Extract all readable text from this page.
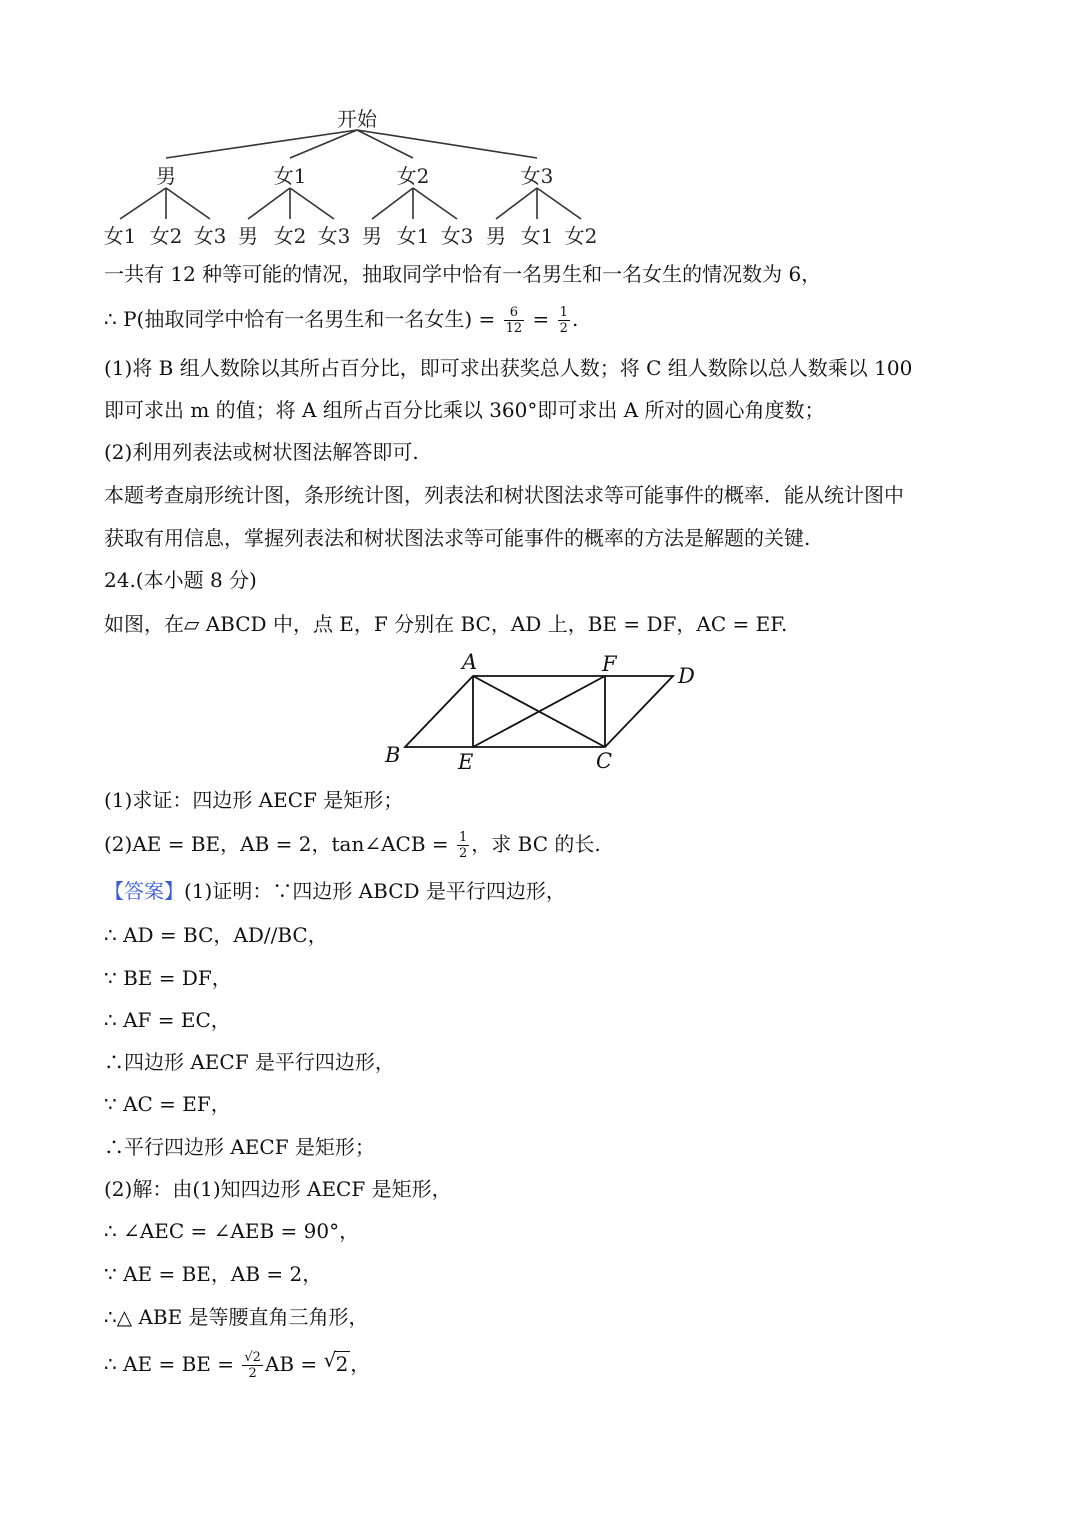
开始
男	女1	女2	女3
女1 女2 女3 男 女2 女3 男 女1 女3 男 女1 女2
一共有 12 种等可能的情况，抽取同学中恰有一名男生和一名女生的情况数为 6，
∴ P(抽取同学中恰有一名男生和一名女生) = $\frac{6}{12} = \frac{1}{2}$ .
(1)将 B 组人数除以其所占百分比，即可求出获奖总人数；将 C 组人数除以总人数乘以 100
即可求出 m 的值；将 A 组所占百分比乘以 360°即可求出 A 所对的圆心角度数；
(2)利用列表法或树状图法解答即可.
本题考查扇形统计图，条形统计图，列表法和树状图法求等可能事件的概率．能从统计图中
获取有用信息，掌握列表法和树状图法求等可能事件的概率的方法是解题的关键.
24.(本小题 8 分)
如图，在▱ ABCD 中，点 E，F 分别在 BC，AD 上，BE = DF，AC = EF.
A	F	D
B	E	C
(1)求证：四边形 AECF 是矩形；
(2)AE = BE，AB = 2，tan∠ACB = $\frac{1}{2}$ ，求 BC 的长.
【答案】(1)证明：∵四边形 ABCD 是平行四边形，
∴ AD = BC，AD//BC，
∵ BE = DF，
∴ AF = EC，
∴四边形 AECF 是平行四边形，
∵ AC = EF，
∴平行四边形 AECF 是矩形；
(2)解：由(1)知四边形 AECF 是矩形，
∴ ∠AEC = ∠AEB = 90°，
∵ AE = BE，AB = 2，
∴△ ABE 是等腰直角三角形，
∴ AE = BE = $\frac{√2}{2}$ AB = √ 2 ，
